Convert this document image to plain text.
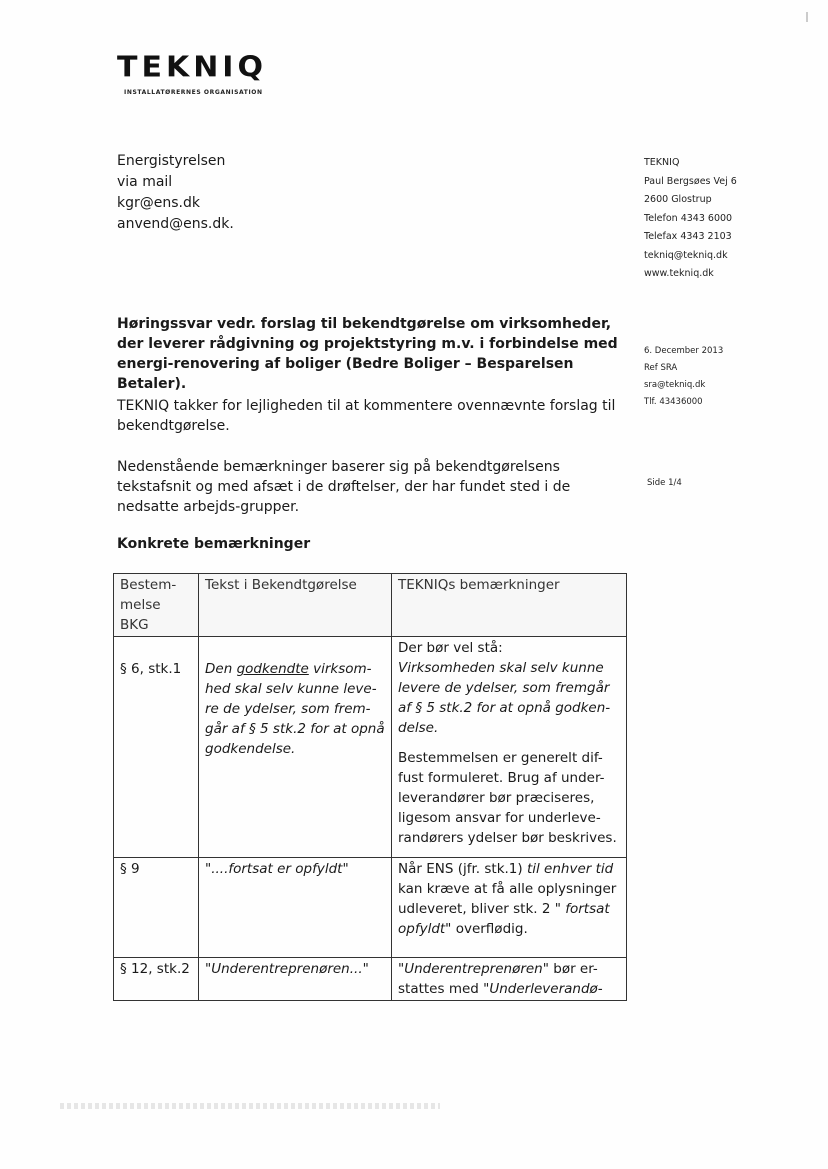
TEKNIQ
INSTALLATØRERNES ORGANISATION
Energistyrelsen
via mail
kgr@ens.dk
anvend@ens.dk.
TEKNIQ
Paul Bergsøes Vej 6
2600 Glostrup
Telefon 4343 6000
Telefax 4343 2103
tekniq@tekniq.dk
www.tekniq.dk
Høringssvar vedr. forslag til bekendtgørelse om virksomheder, der leverer rådgivning og projektstyring m.v. i forbindelse med energi-renovering af boliger (Bedre Boliger – Besparelsen Betaler).
6. December 2013
Ref SRA
sra@tekniq.dk
Tlf. 43436000
TEKNIQ takker for lejligheden til at kommentere ovennævnte forslag til bekendtgørelse.
Nedenstående bemærkninger baserer sig på bekendtgørelsens tekstafsnit og med afsæt i de drøftelser, der har fundet sted i de nedsatte arbejds-grupper.
Side 1/4
Konkrete bemærkninger
Bestem-melse BKG	Tekst i Bekendtgørelse	TEKNIQs bemærkninger
§ 6, stk.1	Den godkendte virksom-hed skal selv kunne leve-re de ydelser, som frem-går af § 5 stk.2 for at opnå godkendelse.	Der bør vel stå:
Virksomheden skal selv kunne levere de ydelser, som fremgår af § 5 stk.2 for at opnå godken-delse.
Bestemmelsen er generelt dif-fust formuleret. Brug af under-leverandører bør præciseres, ligesom ansvar for underleve-randørers ydelser bør beskrives.

§ 9	"....fortsat er opfyldt"	Når ENS (jfr. stk.1) til enhver tid kan kræve at få alle oplysninger udleveret, bliver stk. 2 " fortsat opfyldt" overflødig.
§ 12, stk.2	"Underentreprenøren..."	"Underentreprenøren" bør er-stattes med "Underleverandø-
